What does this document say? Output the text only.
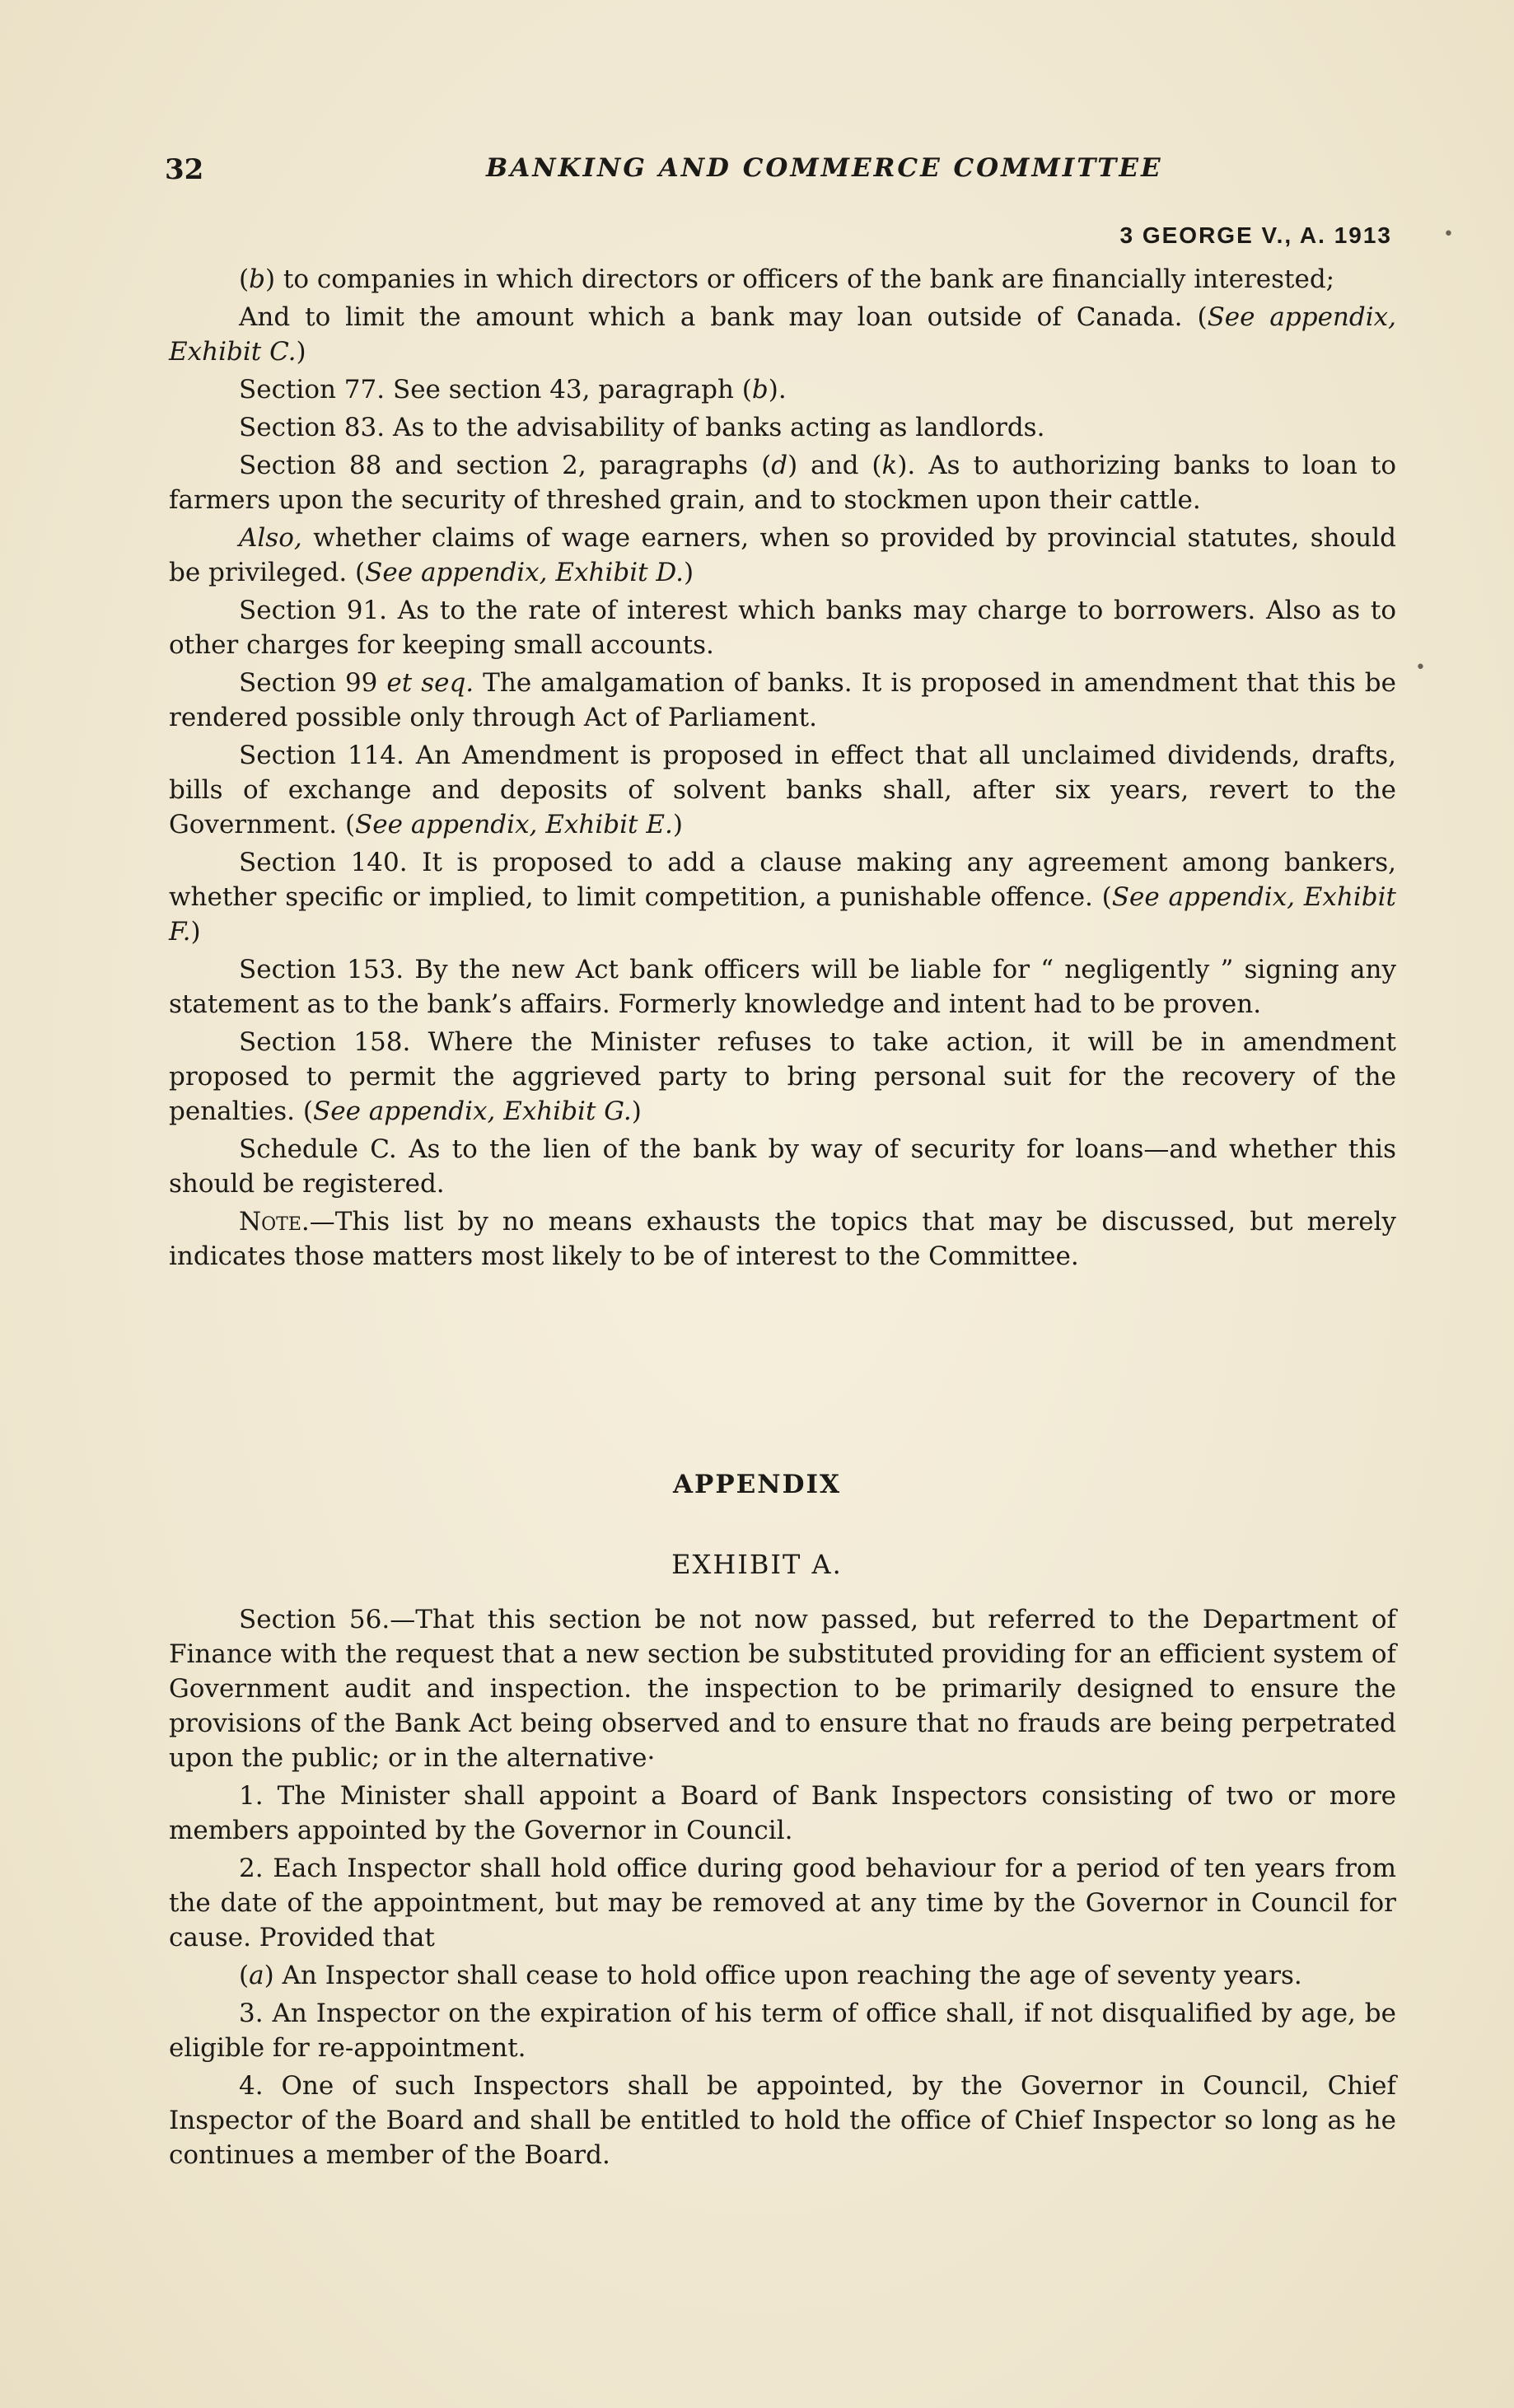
32	BANKING AND COMMERCE COMMITTEE
3 GEORGE V., A. 1913

(b) to companies in which directors or officers of the bank are financially interested;

And to limit the amount which a bank may loan outside of Canada. (See appendix, Exhibit C.)

Section 77. See section 43, paragraph (b).

Section 83. As to the advisability of banks acting as landlords.

Section 88 and section 2, paragraphs (d) and (k). As to authorizing banks to loan to farmers upon the security of threshed grain, and to stockmen upon their cattle.

Also, whether claims of wage earners, when so provided by provincial statutes, should be privileged. (See appendix, Exhibit D.)

Section 91. As to the rate of interest which banks may charge to borrowers. Also as to other charges for keeping small accounts.

Section 99 et seq. The amalgamation of banks. It is proposed in amendment that this be rendered possible only through Act of Parliament.

Section 114. An Amendment is proposed in effect that all unclaimed dividends, drafts, bills of exchange and deposits of solvent banks shall, after six years, revert to the Government. (See appendix, Exhibit E.)

Section 140. It is proposed to add a clause making any agreement among bankers, whether specific or implied, to limit competition, a punishable offence. (See appendix, Exhibit F.)

Section 153. By the new Act bank officers will be liable for “ negligently ” signing any statement as to the bank’s affairs. Formerly knowledge and intent had to be proven.

Section 158. Where the Minister refuses to take action, it will be in amendment proposed to permit the aggrieved party to bring personal suit for the recovery of the penalties. (See appendix, Exhibit G.)

Schedule C. As to the lien of the bank by way of security for loans—and whether this should be registered.

Note.—This list by no means exhausts the topics that may be discussed, but merely indicates those matters most likely to be of interest to the Committee.

APPENDIX
EXHIBIT A.

Section 56.—That this section be not now passed, but referred to the Department of Finance with the request that a new section be substituted providing for an efficient system of Government audit and inspection. the inspection to be primarily designed to ensure the provisions of the Bank Act being observed and to ensure that no frauds are being perpetrated upon the public; or in the alternative·

1. The Minister shall appoint a Board of Bank Inspectors consisting of two or more members appointed by the Governor in Council.

2. Each Inspector shall hold office during good behaviour for a period of ten years from the date of the appointment, but may be removed at any time by the Governor in Council for cause. Provided that

(a) An Inspector shall cease to hold office upon reaching the age of seventy years.

3. An Inspector on the expiration of his term of office shall, if not disqualified by age, be eligible for re-appointment.

4. One of such Inspectors shall be appointed, by the Governor in Council, Chief Inspector of the Board and shall be entitled to hold the office of Chief Inspector so long as he continues a member of the Board.

•
•
